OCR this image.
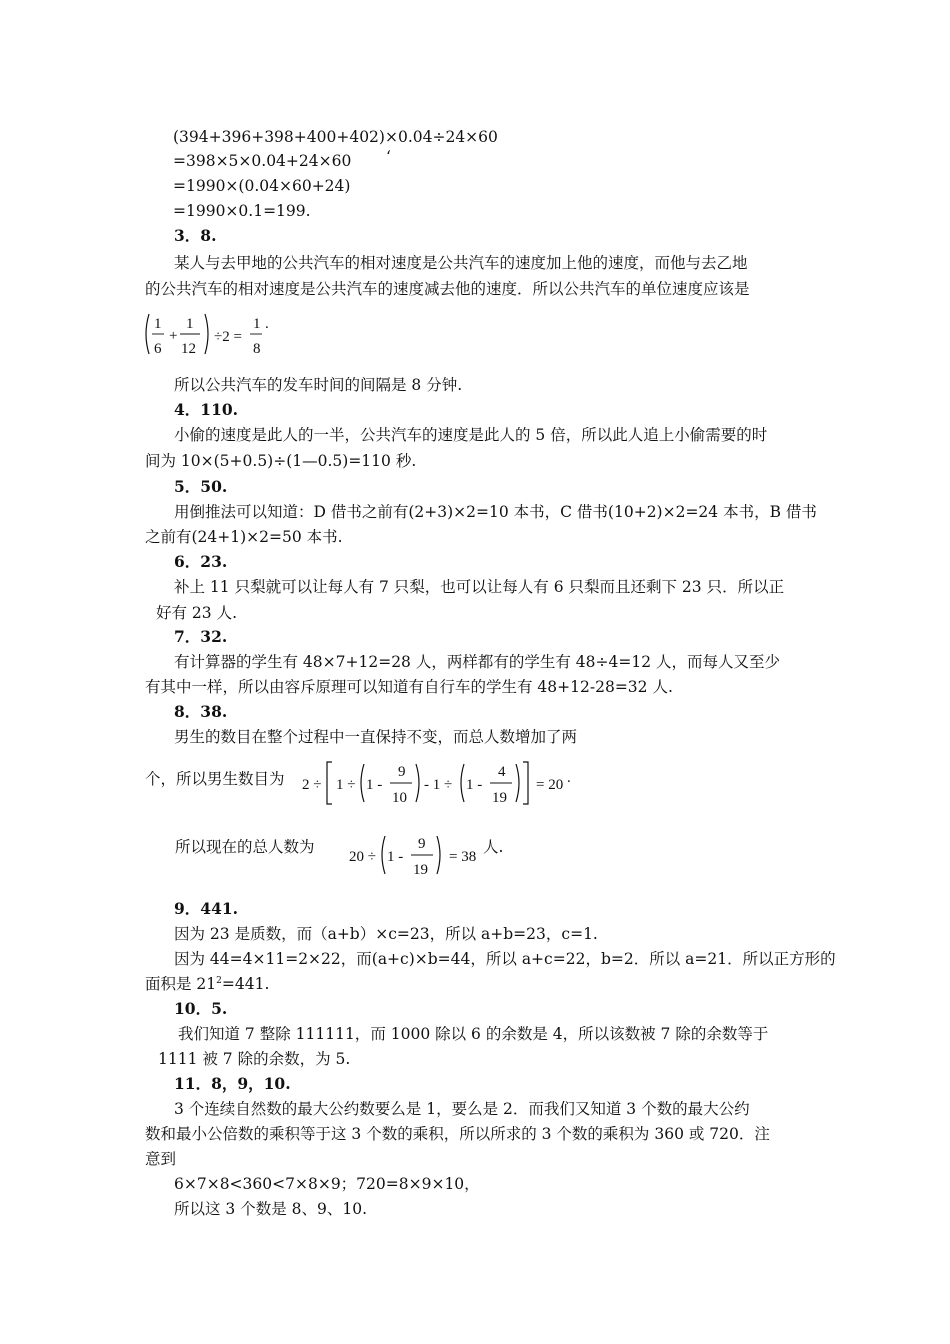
(394+396+398+400+402)×0.04÷24×60
=398×5×0.04+24×60 ‘
=1990×(0.04×60+24)
=1990×0.1=199.
3．8.
某人与去甲地的公共汽车的相对速度是公共汽车的速度加上他的速度，而他与去乙地
的公共汽车的相对速度是公共汽车的速度减去他的速度．所以公共汽车的单位速度应该是
1
6
+
1
12
÷2 =
1
8
.
所以公共汽车的发车时间的间隔是 8 分钟.
4．110.
小偷的速度是此人的一半，公共汽车的速度是此人的 5 倍，所以此人追上小偷需要的时
间为 10×(5+0.5)÷(1—0.5)=110 秒.
5．50.
用倒推法可以知道：D 借书之前有(2+3)×2=10 本书，C 借书(10+2)×2=24 本书，B 借书
之前有(24+1)×2=50 本书.
6．23.
补上 11 只梨就可以让每人有 7 只梨，也可以让每人有 6 只梨而且还剩下 23 只．所以正
好有 23 人.
7．32.
有计算器的学生有 48×7+12=28 人，两样都有的学生有 48÷4=12 人，而每人又至少
有其中一样，所以由容斥原理可以知道有自行车的学生有 48+12-28=32 人.
8．38.
男生的数目在整个过程中一直保持不变，而总人数增加了两
个，所以男生数目为 2 ÷ 1 ÷ 1 -
9
10
- 1 ÷ 1 -
4
19
= 20 .
所以现在的总人数为
20 ÷ 1 -
9
19
= 38
人.
9．441.
因为 23 是质数，而（a+b）×c=23，所以 a+b=23，c=1.
因为 44=4×11=2×22，而(a+c)×b=44，所以 a+c=22，b=2．所以 a=21．所以正方形的
面积是 $21^2=441$.
10．5.
我们知道 7 整除 111111，而 1000 除以 6 的余数是 4，所以该数被 7 除的余数等于
1111 被 7 除的余数，为 5.
11．8，9，10.
3 个连续自然数的最大公约数要么是 1，要么是 2．而我们又知道 3 个数的最大公约
数和最小公倍数的乘积等于这 3 个数的乘积，所以所求的 3 个数的乘积为 360 或 720．注
意到
6×7×8<360<7×8×9；720=8×9×10，
所以这 3 个数是 8、9、10.
